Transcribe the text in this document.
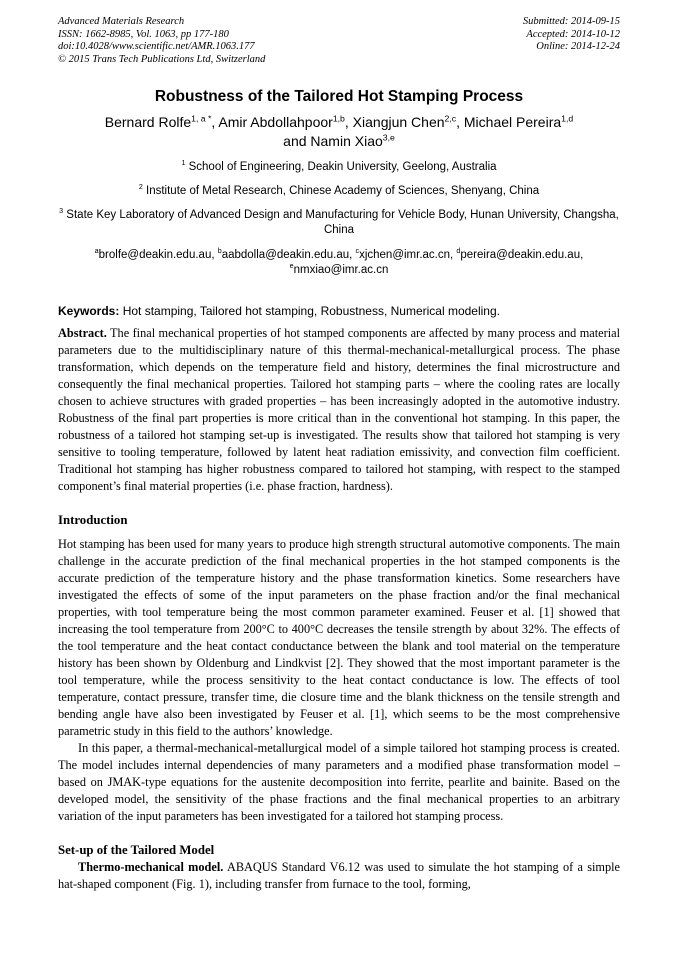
Advanced Materials Research
ISSN: 1662-8985, Vol. 1063, pp 177-180
doi:10.4028/www.scientific.net/AMR.1063.177
© 2015 Trans Tech Publications Ltd, Switzerland
Submitted: 2014-09-15
Accepted: 2014-10-12
Online: 2014-12-24
Robustness of the Tailored Hot Stamping Process
Bernard Rolfe$^{1, a *}$, Amir Abdollahpoor$^{1,b}$, Xiangjun Chen$^{2,c}$, Michael Pereira$^{1,d}$
and Namin Xiao$^{3,e}$
$^1$ School of Engineering, Deakin University, Geelong, Australia
$^2$ Institute of Metal Research, Chinese Academy of Sciences, Shenyang, China
$^3$ State Key Laboratory of Advanced Design and Manufacturing for Vehicle Body, Hunan University, Changsha, China
$^a$brolfe@deakin.edu.au, $^b$aabdolla@deakin.edu.au, $^c$xjchen@imr.ac.cn, $^d$pereira@deakin.edu.au,
$^e$nmxiao@imr.ac.cn
Keywords: Hot stamping, Tailored hot stamping, Robustness, Numerical modeling.

Abstract. The final mechanical properties of hot stamped components are affected by many process and material parameters due to the multidisciplinary nature of this thermal-mechanical-metallurgical process. The phase transformation, which depends on the temperature field and history, determines the final microstructure and consequently the final mechanical properties. Tailored hot stamping parts – where the cooling rates are locally chosen to achieve structures with graded properties – has been increasingly adopted in the automotive industry. Robustness of the final part properties is more critical than in the conventional hot stamping. In this paper, the robustness of a tailored hot stamping set-up is investigated. The results show that tailored hot stamping is very sensitive to tooling temperature, followed by latent heat radiation emissivity, and convection film coefficient. Traditional hot stamping has higher robustness compared to tailored hot stamping, with respect to the stamped component’s final material properties (i.e. phase fraction, hardness).

Introduction

Hot stamping has been used for many years to produce high strength structural automotive components. The main challenge in the accurate prediction of the final mechanical properties in the hot stamped components is the accurate prediction of the temperature history and the phase transformation kinetics. Some researchers have investigated the effects of some of the input parameters on the phase fraction and/or the final mechanical properties, with tool temperature being the most common parameter examined. Feuser et al. [1] showed that increasing the tool temperature from 200°C to 400°C decreases the tensile strength by about 32%. The effects of the tool temperature and the heat contact conductance between the blank and tool material on the temperature history has been shown by Oldenburg and Lindkvist [2]. They showed that the most important parameter is the tool temperature, while the process sensitivity to the heat contact conductance is low. The effects of tool temperature, contact pressure, transfer time, die closure time and the blank thickness on the tensile strength and bending angle have also been investigated by Feuser et al. [1], which seems to be the most comprehensive parametric study in this field to the authors’ knowledge.

In this paper, a thermal-mechanical-metallurgical model of a simple tailored hot stamping process is created. The model includes internal dependencies of many parameters and a modified phase transformation model – based on JMAK-type equations for the austenite decomposition into ferrite, pearlite and bainite. Based on the developed model, the sensitivity of the phase fractions and the final mechanical properties to an arbitrary variation of the input parameters has been investigated for a tailored hot stamping process.

Set-up of the Tailored Model

Thermo-mechanical model. ABAQUS Standard V6.12 was used to simulate the hot stamping of a simple hat-shaped component (Fig. 1), including transfer from furnace to the tool, forming,
